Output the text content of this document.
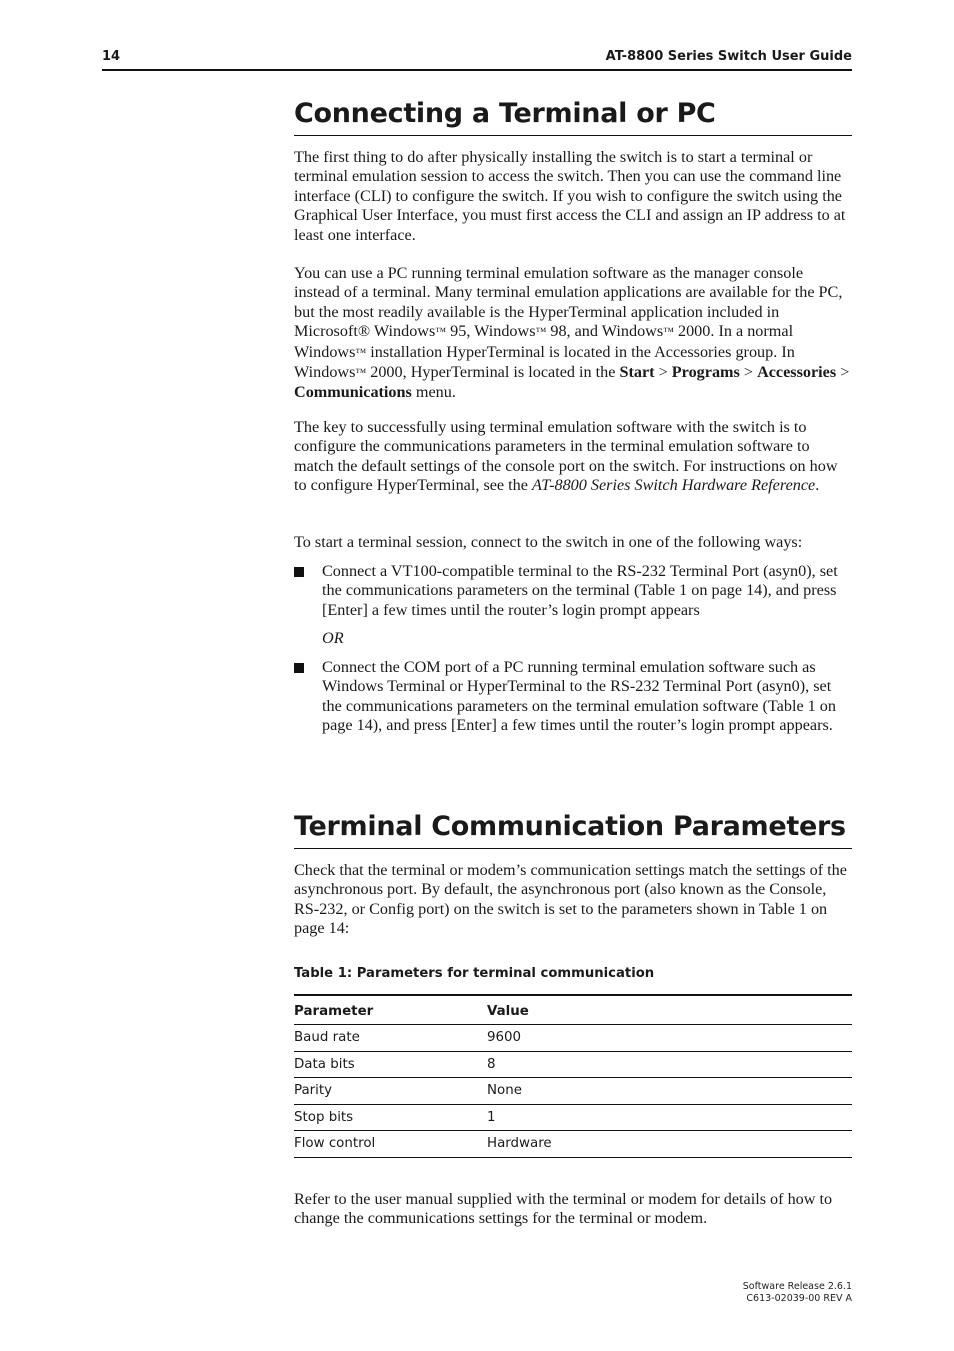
14	AT-8800 Series Switch User Guide
Connecting a Terminal or PC

The first thing to do after physically installing the switch is to start a terminal or terminal emulation session to access the switch. Then you can use the command line interface (CLI) to configure the switch. If you wish to configure the switch using the Graphical User Interface, you must first access the CLI and assign an IP address to at least one interface.

You can use a PC running terminal emulation software as the manager console instead of a terminal. Many terminal emulation applications are available for the PC, but the most readily available is the HyperTerminal application included in Microsoft® Windows™ 95, Windows™ 98, and Windows™ 2000. In a normal Windows™ installation HyperTerminal is located in the Accessories group. In Windows™ 2000, HyperTerminal is located in the Start > Programs > Accessories > Communications menu.

The key to successfully using terminal emulation software with the switch is to configure the communications parameters in the terminal emulation software to match the default settings of the console port on the switch. For instructions on how to configure HyperTerminal, see the AT-8800 Series Switch Hardware Reference.

To start a terminal session, connect to the switch in one of the following ways:

Connect a VT100-compatible terminal to the RS-232 Terminal Port (asyn0), set the communications parameters on the terminal (Table 1 on page 14), and press [Enter] a few times until the router’s login prompt appears

OR

Connect the COM port of a PC running terminal emulation software such as Windows Terminal or HyperTerminal to the RS-232 Terminal Port (asyn0), set the communications parameters on the terminal emulation software (Table 1 on page 14), and press [Enter] a few times until the router’s login prompt appears.

Terminal Communication Parameters

Check that the terminal or modem’s communication settings match the settings of the asynchronous port. By default, the asynchronous port (also known as the Console, RS-232, or Config port) on the switch is set to the parameters shown in Table 1 on page 14:

Table 1: Parameters for terminal communication
Parameter	Value
Baud rate	9600
Data bits	8
Parity	None
Stop bits	1
Flow control	Hardware

Refer to the user manual supplied with the terminal or modem for details of how to change the communications settings for the terminal or modem.

Software Release 2.6.1
C613-02039-00 REV A
